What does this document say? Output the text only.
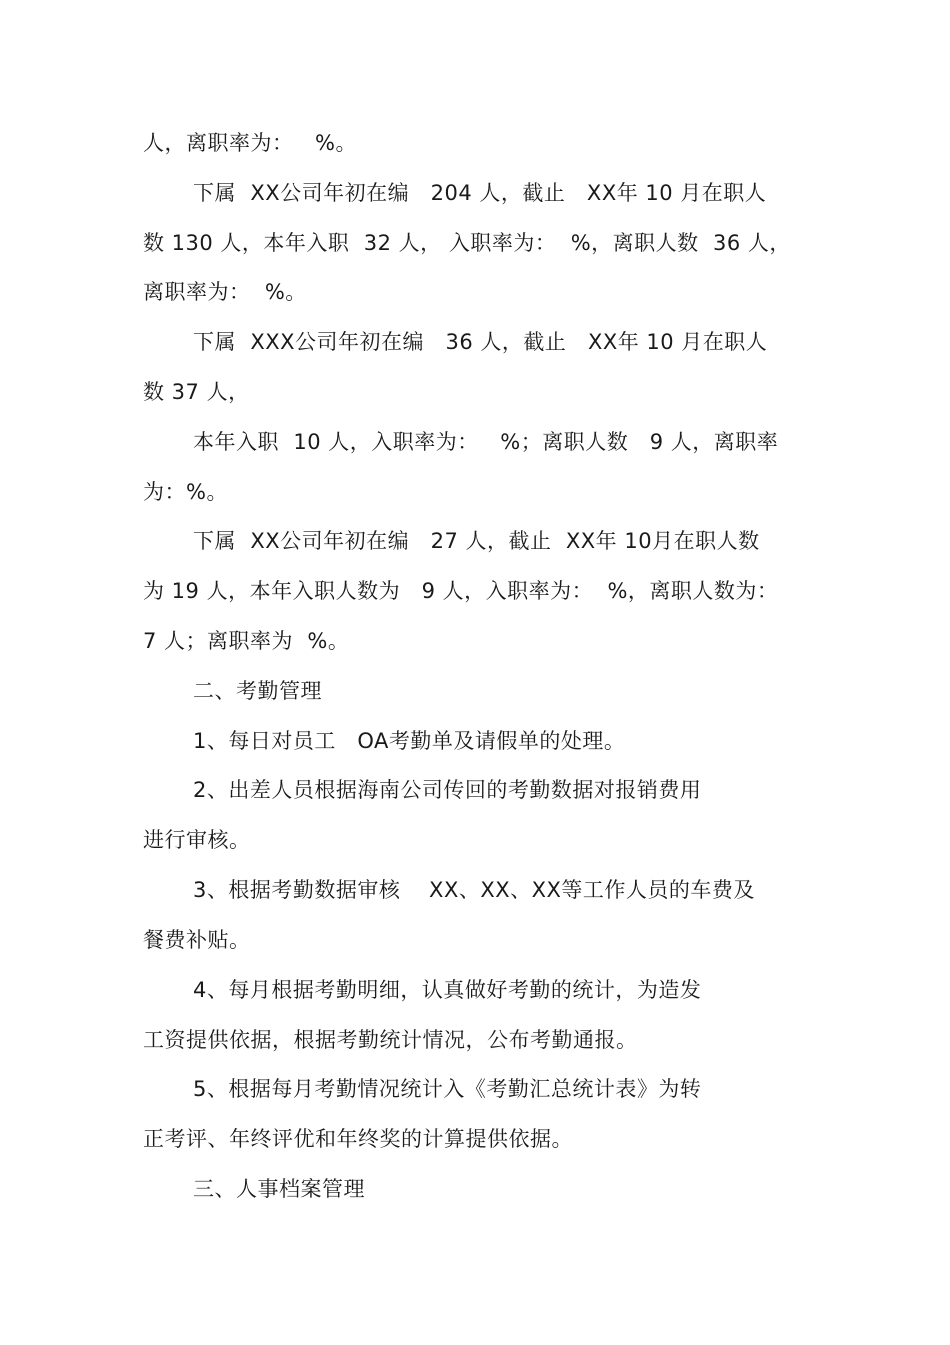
人，离职率为：   %。
下属  XX公司年初在编   204 人，截止   XX年 10 月在职人
数 130 人，本年入职  32 人， 入职率为：  %，离职人数  36 人，
离职率为：  %。
下属  XXX公司年初在编   36 人，截止   XX年 10 月在职人
数 37 人，
本年入职  10 人，入职率为：   %；离职人数   9 人，离职率
为：%。
下属  XX公司年初在编   27 人，截止  XX年 10月在职人数
为 19 人，本年入职人数为   9 人，入职率为：  %，离职人数为：
7 人；离职率为  %。
二、考勤管理
1、每日对员工   OA考勤单及请假单的处理。
2、出差人员根据海南公司传回的考勤数据对报销费用
进行审核。
3、根据考勤数据审核    XX、XX、XX等工作人员的车费及
餐费补贴。
4、每月根据考勤明细，认真做好考勤的统计，为造发
工资提供依据，根据考勤统计情况，公布考勤通报。
5、根据每月考勤情况统计入《考勤汇总统计表》为转
正考评、年终评优和年终奖的计算提供依据。
三、人事档案管理
